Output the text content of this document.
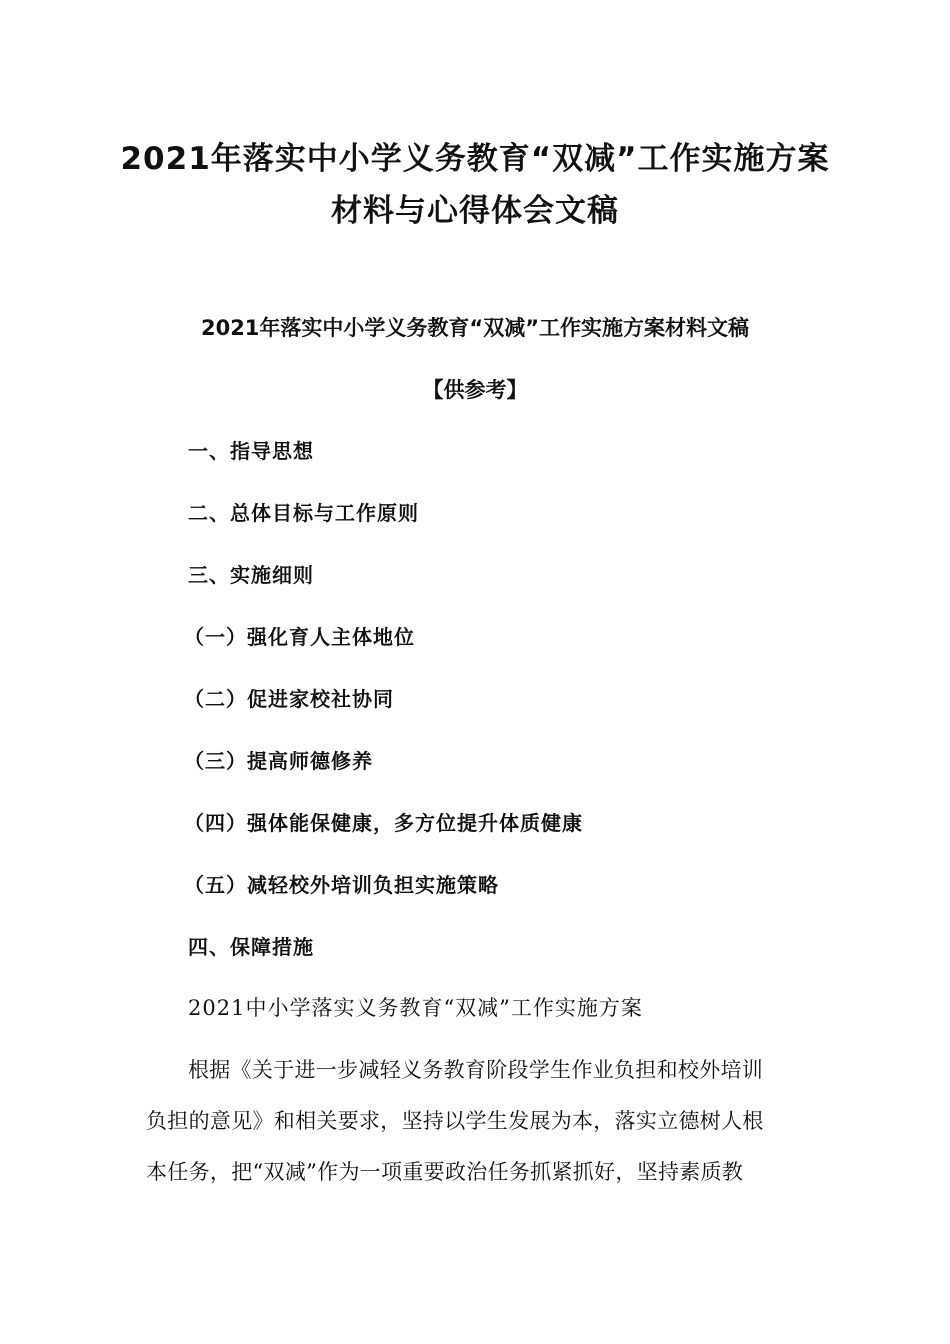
2021年落实中小学义务教育“双减”工作实施方案
材料与心得体会文稿
2021年落实中小学义务教育“双减”工作实施方案材料文稿
【供参考】
一、指导思想
二、总体目标与工作原则
三、实施细则
（一）强化育人主体地位
（二）促进家校社协同
（三）提高师德修养
（四）强体能保健康，多方位提升体质健康
（五）减轻校外培训负担实施策略
四、保障措施
2021中小学落实义务教育“双减”工作实施方案
根据《关于进一步减轻义务教育阶段学生作业负担和校外培训
负担的意见》和相关要求，坚持以学生发展为本，落实立德树人根
本任务，把“双减”作为一项重要政治任务抓紧抓好，坚持素质教
